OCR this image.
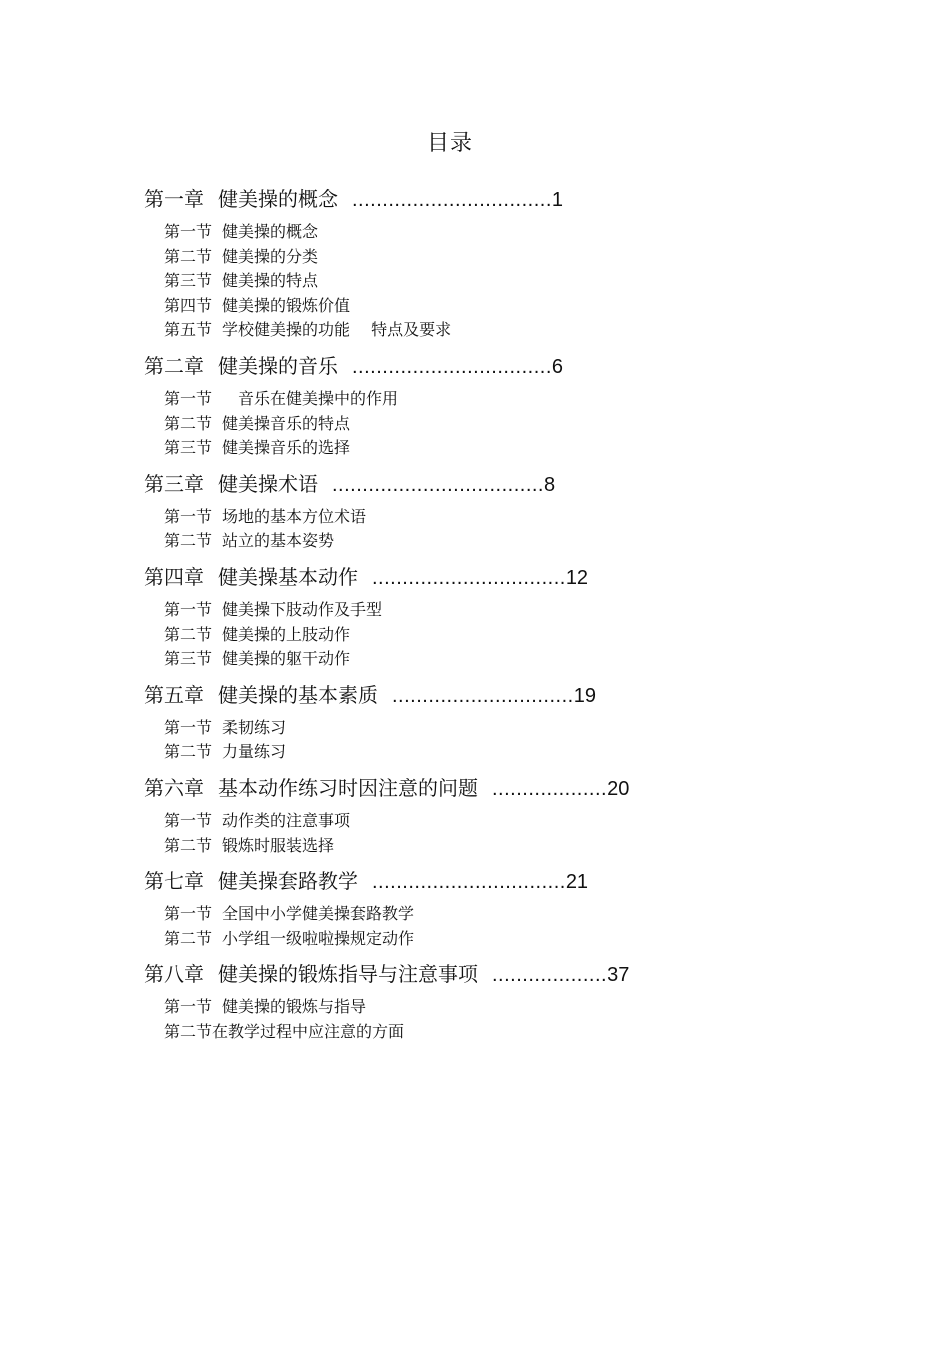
目录
第一章 健美操的概念 .................................1
第一节 健美操的概念
第二节 健美操的分类
第三节 健美操的特点
第四节 健美操的锻炼价值
第五节 学校健美操的功能　 特点及要求
第二章 健美操的音乐 .................................6
第一节　音乐在健美操中的作用
第二节 健美操音乐的特点
第三节 健美操音乐的选择
第三章健美操术语 ...................................8
第一节场地的基本方位术语
第二节站立的基本姿势
第四章 健美操基本动作 ................................12
第一节 健美操下肢动作及手型
第二节 健美操的上肢动作
第三节 健美操的躯干动作
第五章 健美操的基本素质 ..............................19
第一节柔韧练习
第二节力量练习
第六章 基本动作练习时因注意的问题 ...................20
第一节 动作类的注意事项
第二节 锻炼时服装选择
第七章 健美操套路教学 ................................21
第一节 全国中小学健美操套路教学
第二节 小学组一级啦啦操规定动作
第八章 健美操的锻炼指导与注意事项 ...................37
第一节健美操的锻炼与指导
第二节在教学过程中应注意的方面
